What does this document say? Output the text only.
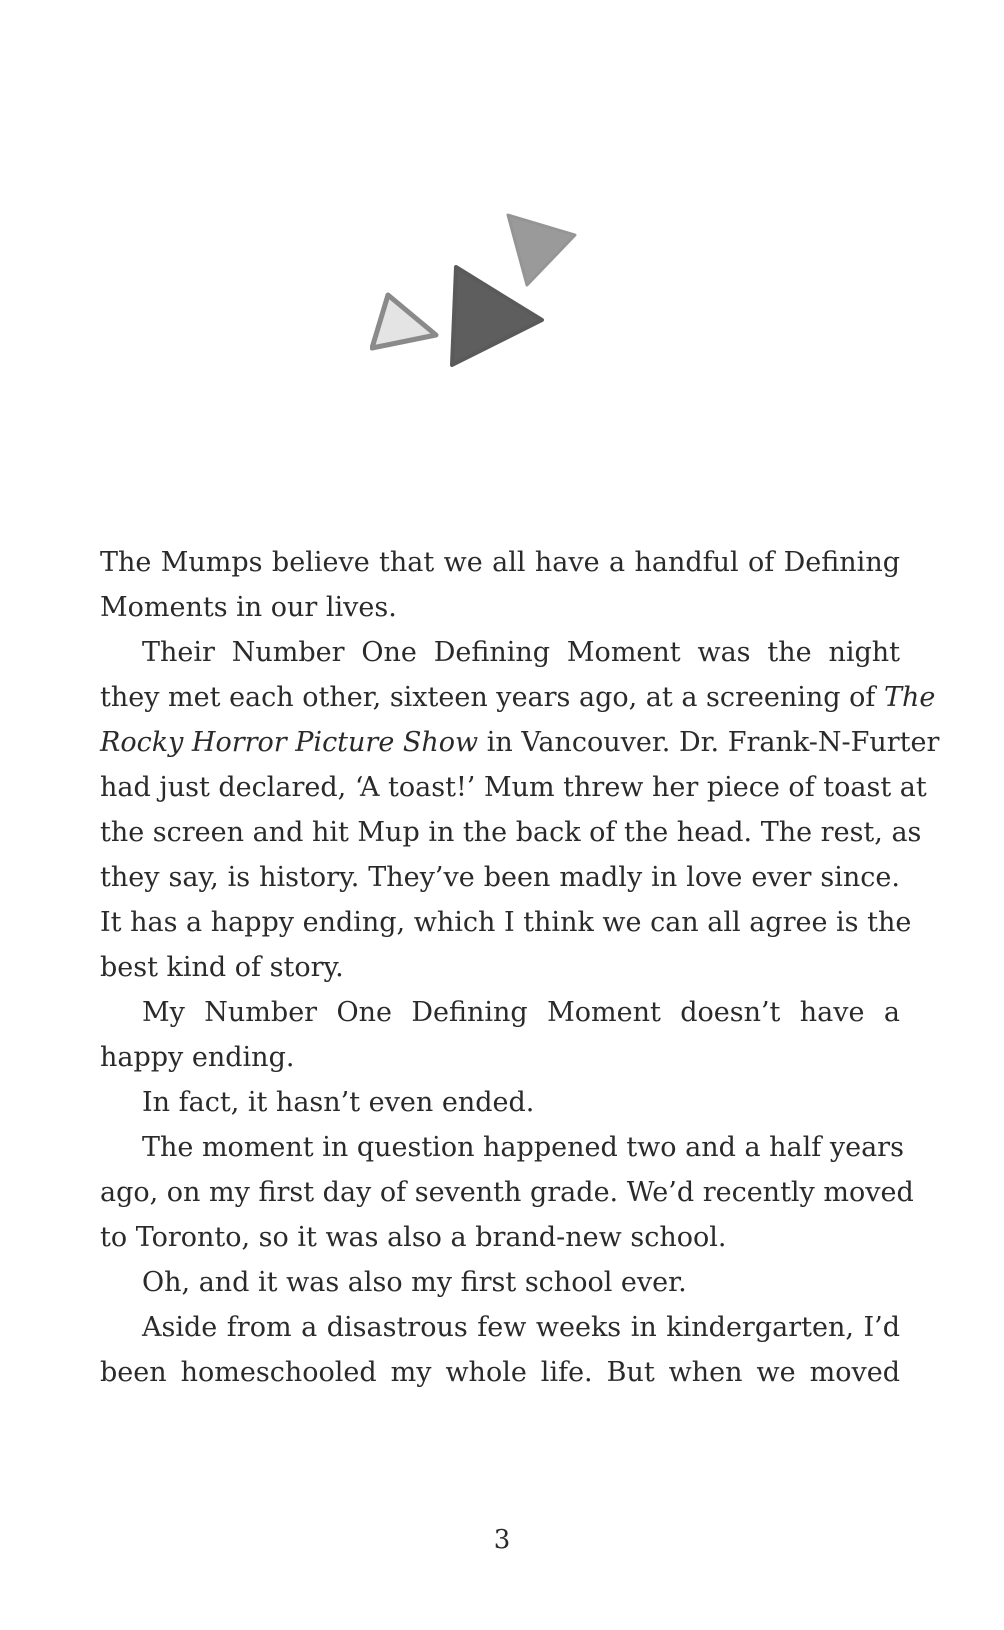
The Mumps believe that we all have a handful of Defining
Moments in our lives.
Their Number One Defining Moment was the night
they met each other, sixteen years ago, at a screening of The
Rocky Horror Picture Show in Vancouver. Dr. Frank-N-Furter
had just declared, ‘A toast!’ Mum threw her piece of toast at
the screen and hit Mup in the back of the head. The rest, as
they say, is history. They’ve been madly in love ever since.
It has a happy ending, which I think we can all agree is the
best kind of story.
My Number One Defining Moment doesn’t have a
happy ending.
In fact, it hasn’t even ended.
The moment in question happened two and a half years
ago, on my first day of seventh grade. We’d recently moved
to Toronto, so it was also a brand-new school.
Oh, and it was also my first school ever.
Aside from a disastrous few weeks in kindergarten, I’d
been homeschooled my whole life. But when we moved
3
